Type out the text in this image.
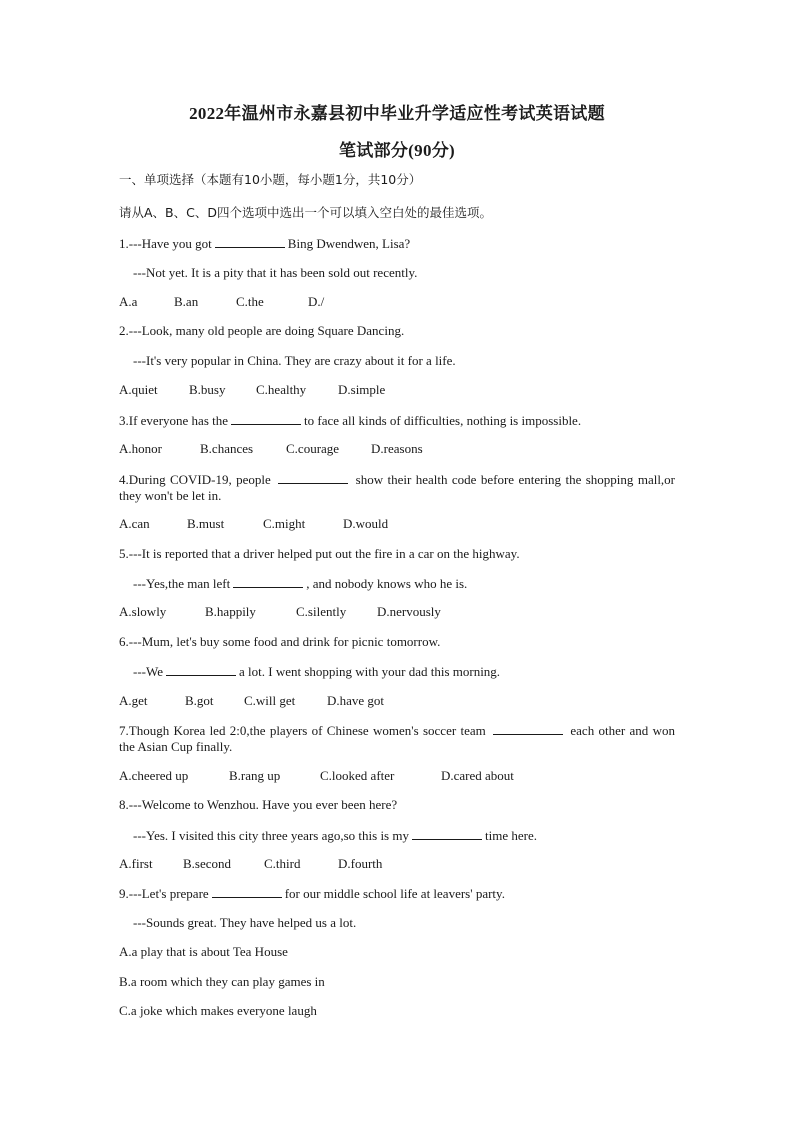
2022年温州市永嘉县初中毕业升学适应性考试英语试题
笔试部分(90分)
一、单项选择（本题有10小题，每小题1分，共10分）
请从A、B、C、D四个选项中选出一个可以填入空白处的最佳选项。
1.---Have you got	Bing Dwendwen, Lisa?
---Not yet. It is a pity that it has been sold out recently.
A.a	B.an	C.the	D./
2.---Look, many old people are doing Square Dancing.
---It's very popular in China. They are crazy about it for a life.
A.quiet B.busy C.healthy D.simple
3.If everyone has the	to face all kinds of difficulties, nothing is impossible.
A.honor	B.chances	C.courage D.reasons
4.During COVID-19, people	show their health code before entering the shopping mall,or they won't be let in.
A.can	B.must	C.might	D.would
5.---It is reported that a driver helped put out the fire in a car on the highway.
---Yes,the man left	, and nobody knows who he is.
A.slowly	B.happily	C.silently D.nervously
6.---Mum, let's buy some food and drink for picnic tomorrow.
---We	a lot. I went shopping with your dad this morning.
A.get	B.got C.will get D.have got
7.Though Korea led 2:0,the players of Chinese women's soccer team	each other and won the Asian Cup finally.
A.cheered up	B.rang up	C.looked after	D.cared about
8.---Welcome to Wenzhou. Have you ever been here?
---Yes. I visited this city three years ago,so this is my	time here.
A.first B.second	C.third	D.fourth
9.---Let's prepare	for our middle school life at leavers' party.
---Sounds great. They have helped us a lot.
A.a play that is about Tea House
B.a room which they can play games in
C.a joke which makes everyone laugh
